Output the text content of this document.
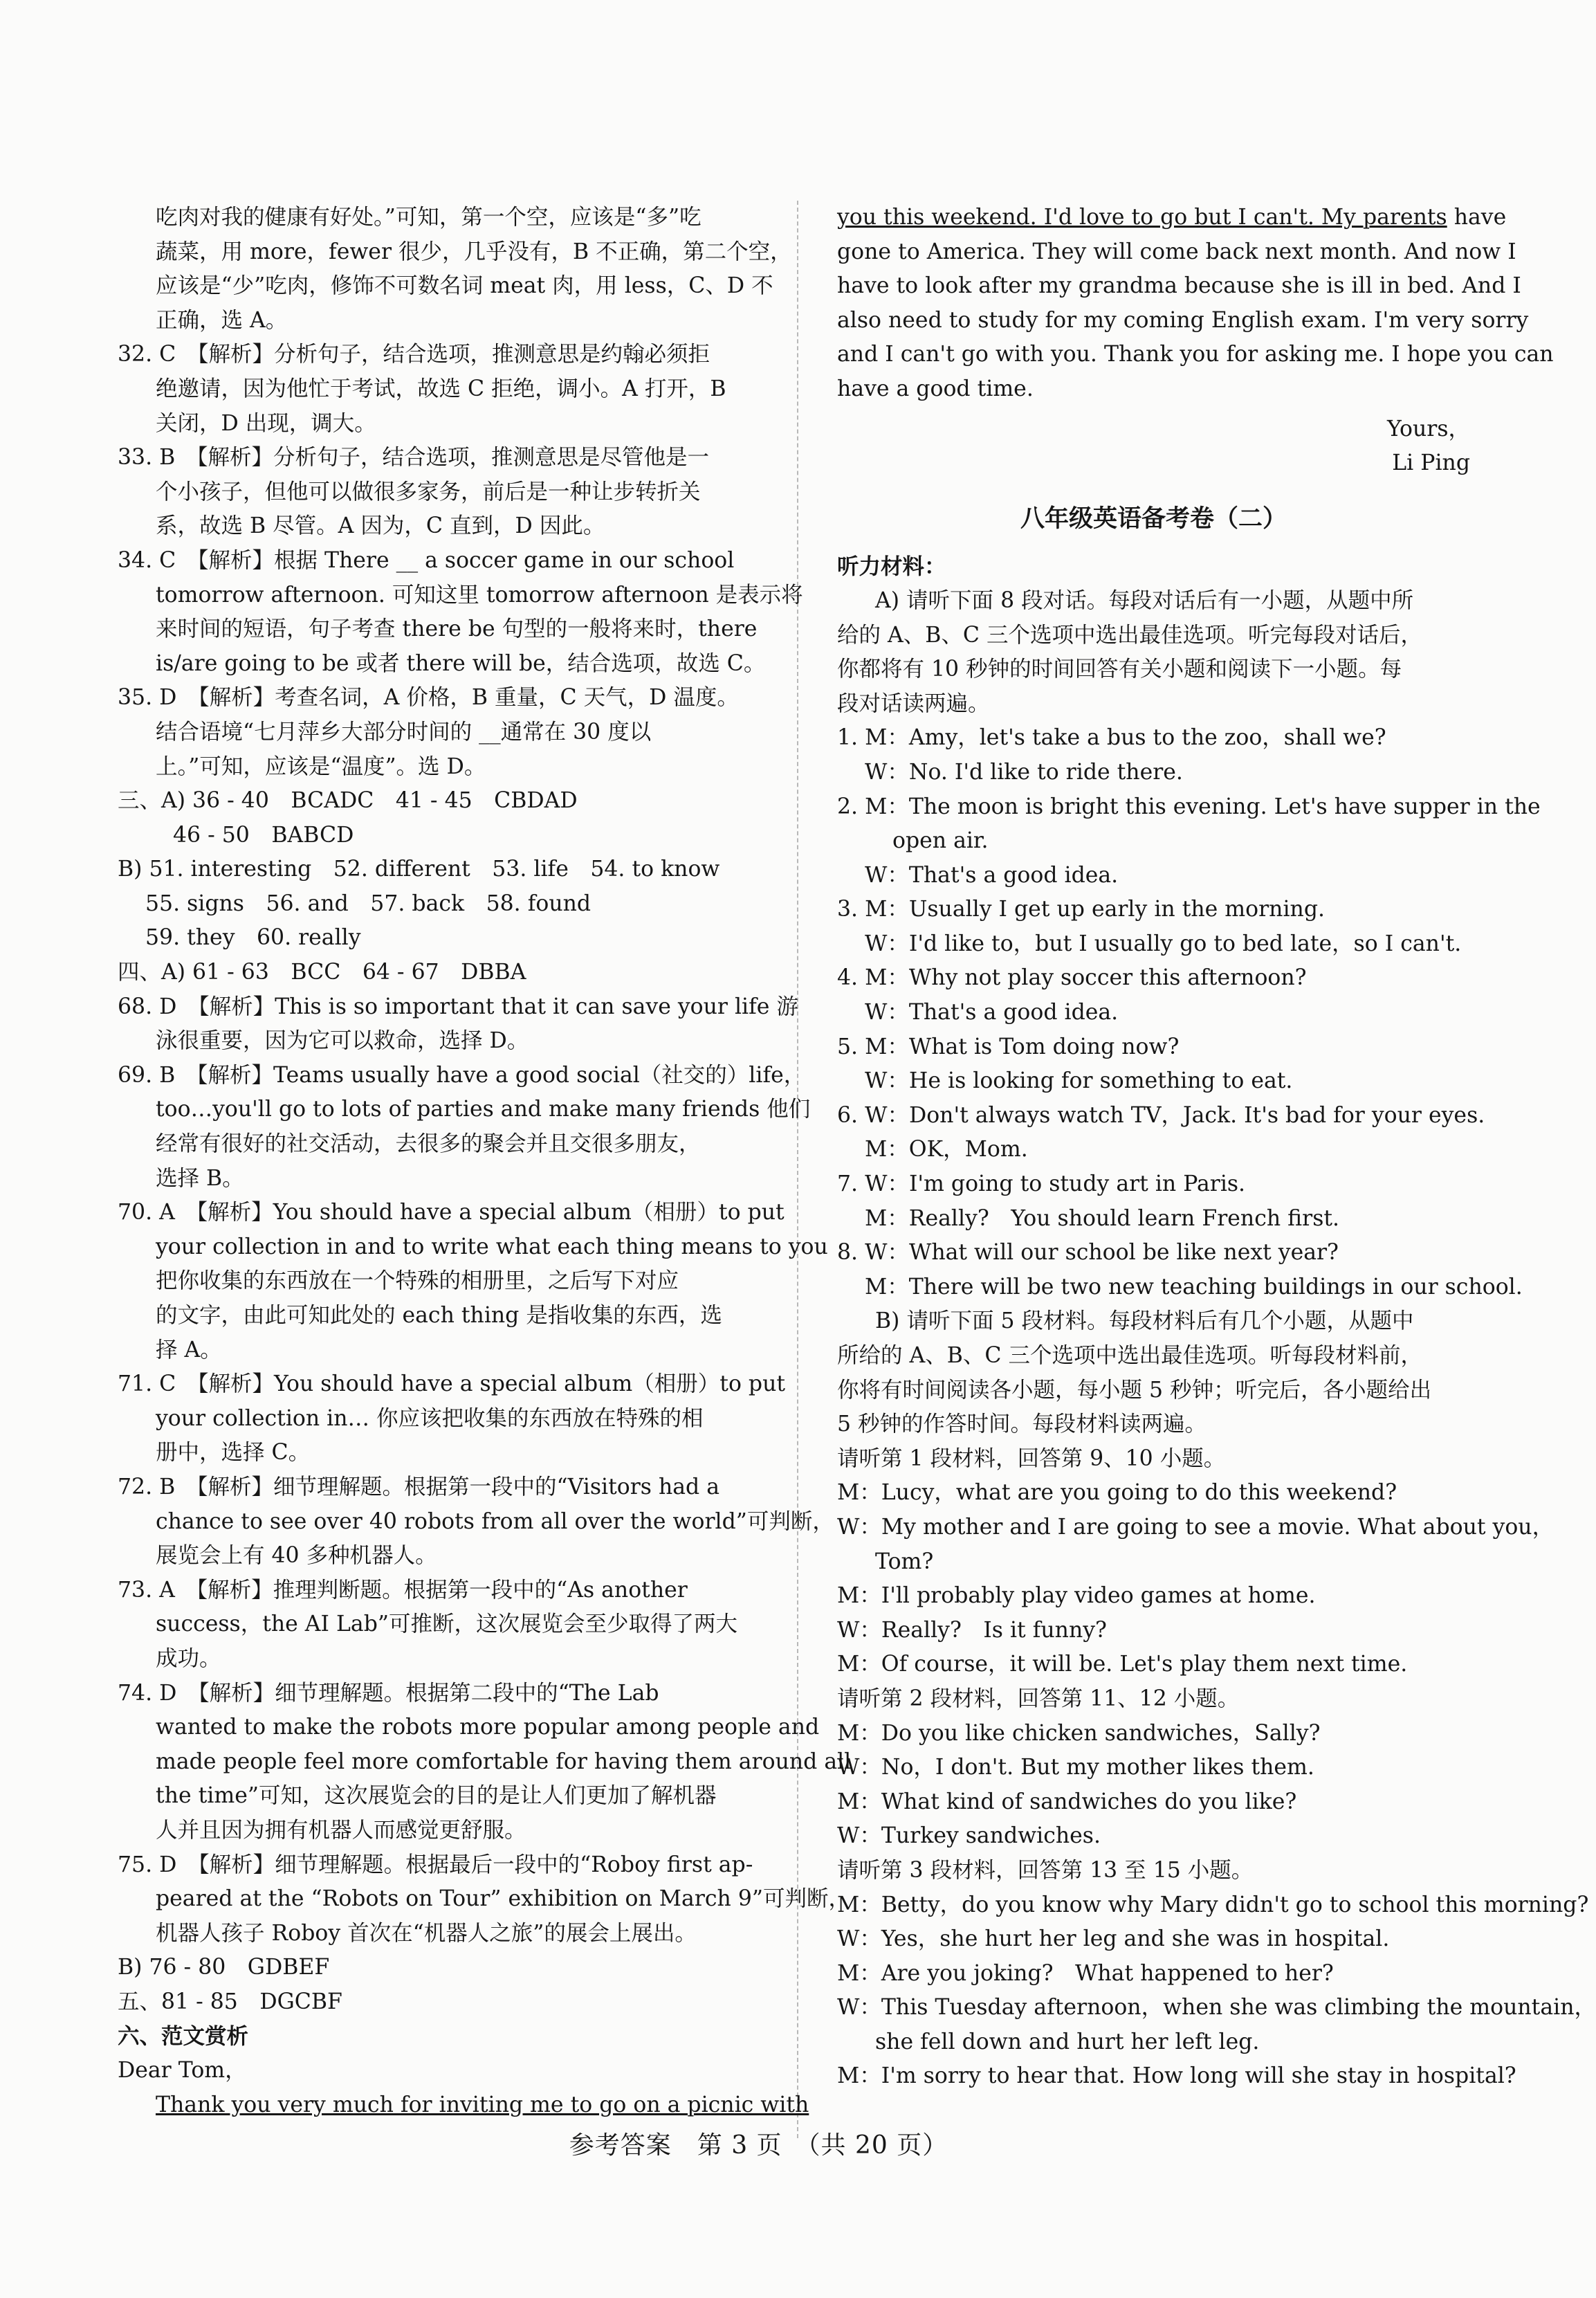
吃肉对我的健康有好处。”可知，第一个空，应该是“多”吃
蔬菜，用 more，fewer 很少，几乎没有，B 不正确，第二个空，
应该是“少”吃肉，修饰不可数名词 meat 肉，用 less，C、D 不
正确，选 A。
32. C　【解析】分析句子，结合选项，推测意思是约翰必须拒
绝邀请，因为他忙于考试，故选 C 拒绝，调小。A 打开，B
关闭，D 出现，调大。
33. B　【解析】分析句子，结合选项，推测意思是尽管他是一
个小孩子，但他可以做很多家务，前后是一种让步转折关
系，故选 B 尽管。A 因为，C 直到，D 因此。
34. C　【解析】根据 There __ a soccer game in our school
tomorrow afternoon. 可知这里 tomorrow afternoon 是表示将
来时间的短语，句子考查 there be 句型的一般将来时，there
is/are going to be 或者 there will be，结合选项，故选 C。
35. D　【解析】考查名词，A 价格，B 重量，C 天气，D 温度。
结合语境“七月萍乡大部分时间的 __通常在 30 度以
上。”可知，应该是“温度”。选 D。
三、A) 36 - 40　BCADC　41 - 45　CBDAD
46 - 50　BABCD
B) 51. interesting　52. different　53. life　54. to know
55. signs　56. and　57. back　58. found
59. they　60. really
四、A) 61 - 63　BCC　64 - 67　DBBA
68. D　【解析】This is so important that it can save your life 游
泳很重要，因为它可以救命，选择 D。
69. B　【解析】Teams usually have a good social（社交的）life，
too…you'll go to lots of parties and make many friends 他们
经常有很好的社交活动，去很多的聚会并且交很多朋友，
选择 B。
70. A　【解析】You should have a special album（相册）to put
your collection in and to write what each thing means to you
把你收集的东西放在一个特殊的相册里，之后写下对应
的文字，由此可知此处的 each thing 是指收集的东西，选
择 A。
71. C　【解析】You should have a special album（相册）to put
your collection in… 你应该把收集的东西放在特殊的相
册中，选择 C。
72. B　【解析】细节理解题。根据第一段中的“Visitors had a
chance to see over 40 robots from all over the world”可判断，
展览会上有 40 多种机器人。
73. A　【解析】推理判断题。根据第一段中的“As another
success，the AI Lab”可推断，这次展览会至少取得了两大
成功。
74. D　【解析】细节理解题。根据第二段中的“The Lab
wanted to make the robots more popular among people and
made people feel more comfortable for having them around all
the time”可知，这次展览会的目的是让人们更加了解机器
人并且因为拥有机器人而感觉更舒服。
75. D　【解析】细节理解题。根据最后一段中的“Roboy first ap-
peared at the “Robots on Tour” exhibition on March 9”可判断，
机器人孩子 Roboy 首次在“机器人之旅”的展会上展出。
B) 76 - 80　GDBEF
五、81 - 85　DGCBF
六、范文赏析
Dear Tom，
Thank you very much for inviting me to go on a picnic with
you this weekend. I'd love to go but I can't. My parents have
gone to America. They will come back next month. And now I
have to look after my grandma because she is ill in bed. And I
also need to study for my coming English exam. I'm very sorry
and I can't go with you. Thank you for asking me. I hope you can
have a good time.
Yours，
Li Ping
八年级英语备考卷（二）
听力材料：
A) 请听下面 8 段对话。每段对话后有一小题，从题中所
给的 A、B、C 三个选项中选出最佳选项。听完每段对话后，
你都将有 10 秒钟的时间回答有关小题和阅读下一小题。每
段对话读两遍。
1. M：Amy，let's take a bus to the zoo，shall we?
W：No. I'd like to ride there.
2. M：The moon is bright this evening. Let's have supper in the
open air.
W：That's a good idea.
3. M：Usually I get up early in the morning.
W：I'd like to，but I usually go to bed late，so I can't.
4. M：Why not play soccer this afternoon?
W：That's a good idea.
5. M：What is Tom doing now?
W：He is looking for something to eat.
6. W：Don't always watch TV，Jack. It's bad for your eyes.
M：OK，Mom.
7. W：I'm going to study art in Paris.
M：Really?　You should learn French first.
8. W：What will our school be like next year?
M：There will be two new teaching buildings in our school.
B) 请听下面 5 段材料。每段材料后有几个小题，从题中
所给的 A、B、C 三个选项中选出最佳选项。听每段材料前，
你将有时间阅读各小题，每小题 5 秒钟；听完后，各小题给出
5 秒钟的作答时间。每段材料读两遍。
请听第 1 段材料，回答第 9、10 小题。
M：Lucy，what are you going to do this weekend?
W：My mother and I are going to see a movie. What about you，
Tom?
M：I'll probably play video games at home.
W：Really?　Is it funny?
M：Of course，it will be. Let's play them next time.
请听第 2 段材料，回答第 11、12 小题。
M：Do you like chicken sandwiches，Sally?
W：No，I don't. But my mother likes them.
M：What kind of sandwiches do you like?
W：Turkey sandwiches.
请听第 3 段材料，回答第 13 至 15 小题。
M：Betty，do you know why Mary didn't go to school this morning?
W：Yes，she hurt her leg and she was in hospital.
M：Are you joking?　What happened to her?
W：This Tuesday afternoon，when she was climbing the mountain，
she fell down and hurt her left leg.
M：I'm sorry to hear that. How long will she stay in hospital?
参考答案　第 3 页　（共 20 页）
